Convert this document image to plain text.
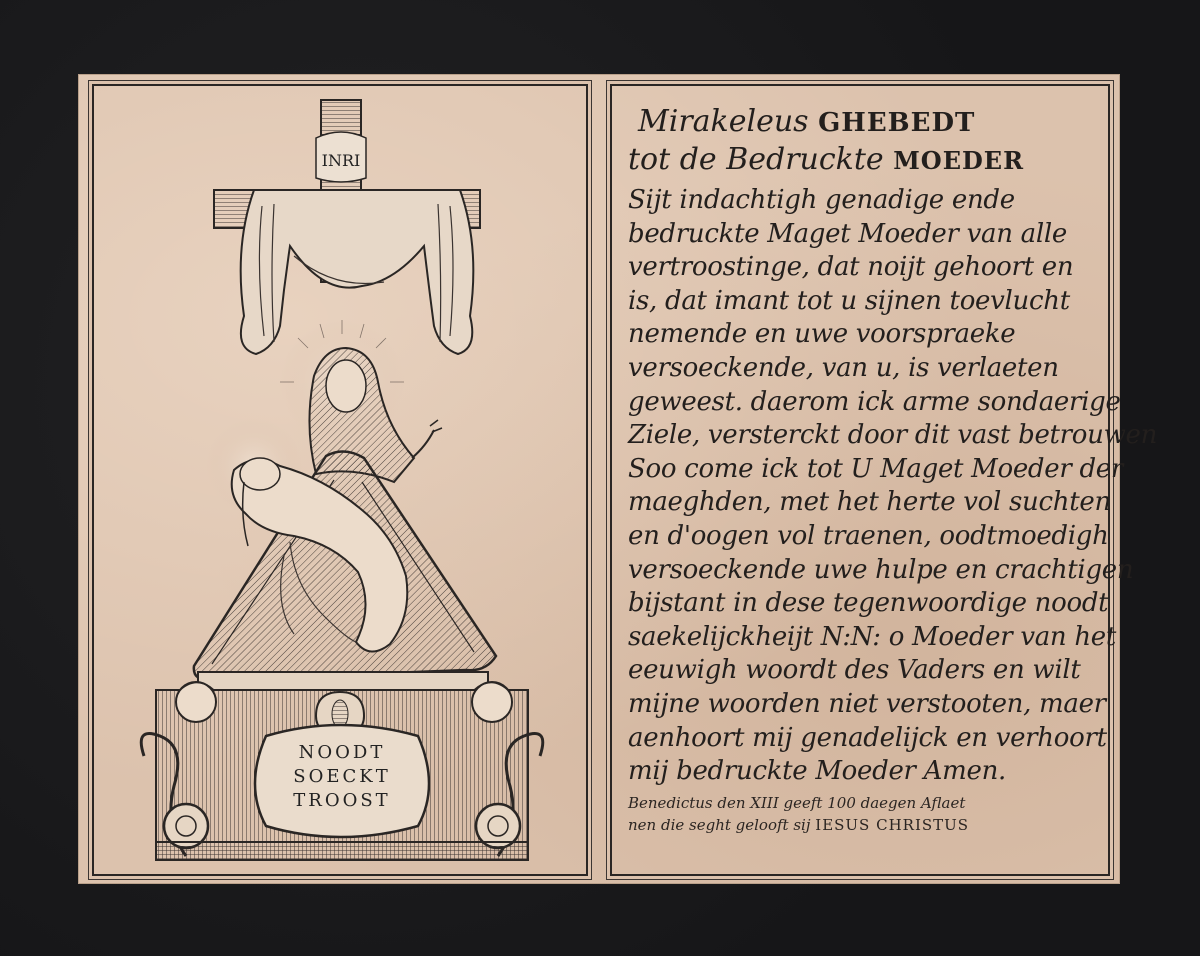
INRI
NOODT
SOECKT
TROOST
Mirakeleus GHEBEDT
tot de Bedruckte MOEDER
Sijt indachtigh genadige ende
bedruckte Maget Moeder van alle
vertroostinge, dat noijt gehoort en
is, dat imant tot u sijnen toevlucht
nemende en uwe voorspraeke
versoeckende, van u, is verlaeten
geweest. daerom ick arme sondaerige
Ziele, versterckt door dit vast betrouwen
Soo come ick tot U Maget Moeder der
maeghden, met het herte vol suchten
en d'oogen vol traenen, oodtmoedigh
versoeckende uwe hulpe en crachtigen
bijstant in dese tegenwoordige noodt
saekelijckheijt N:N: o Moeder van het
eeuwigh woordt des Vaders en wilt
mijne woorden niet verstooten, maer
aenhoort mij genadelijck en verhoort
mij bedruckte Moeder Amen.
Benedictus den XIII geeft 100 daegen Aflaet
nen die seght gelooft sij IESUS CHRISTUS
